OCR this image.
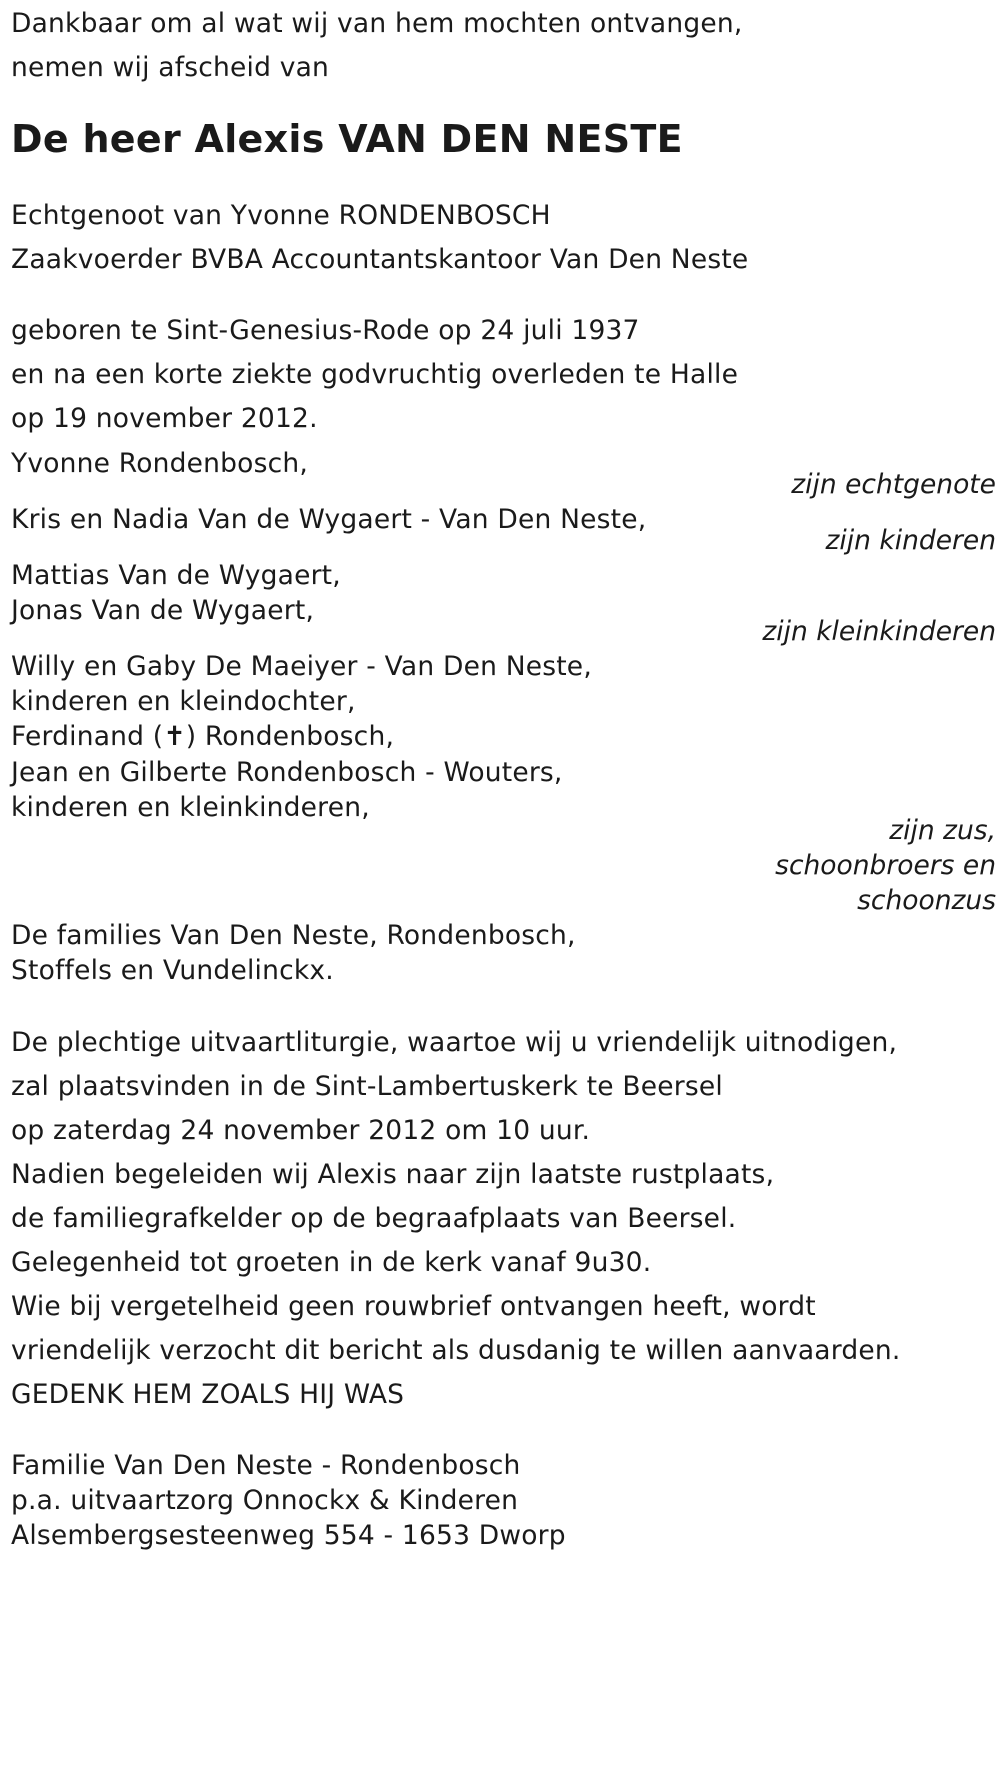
Dankbaar om al wat wij van hem mochten ontvangen,
nemen wij afscheid van
De heer Alexis VAN DEN NESTE
Echtgenoot van Yvonne RONDENBOSCH
Zaakvoerder BVBA Accountantskantoor Van Den Neste
geboren te Sint-Genesius-Rode op 24 juli 1937
en na een korte ziekte godvruchtig overleden te Halle
op 19 november 2012.
Yvonne Rondenbosch,
zijn echtgenote
Kris en Nadia Van de Wygaert - Van Den Neste,
zijn kinderen
Mattias Van de Wygaert,
Jonas Van de Wygaert,
zijn kleinkinderen
Willy en Gaby De Maeiyer - Van Den Neste,
kinderen en kleindochter,
Ferdinand (✝) Rondenbosch,
Jean en Gilberte Rondenbosch - Wouters,
kinderen en kleinkinderen,
zijn zus,
schoonbroers en
schoonzus
De families Van Den Neste, Rondenbosch,
Stoffels en Vundelinckx.
De plechtige uitvaartliturgie, waartoe wij u vriendelijk uitnodigen,
zal plaatsvinden in de Sint-Lambertuskerk te Beersel
op zaterdag 24 november 2012 om 10 uur.
Nadien begeleiden wij Alexis naar zijn laatste rustplaats,
de familiegrafkelder op de begraafplaats van Beersel.
Gelegenheid tot groeten in de kerk vanaf 9u30.
Wie bij vergetelheid geen rouwbrief ontvangen heeft, wordt
vriendelijk verzocht dit bericht als dusdanig te willen aanvaarden.
GEDENK HEM ZOALS HIJ WAS
Familie Van Den Neste - Rondenbosch
p.a. uitvaartzorg Onnockx & Kinderen
Alsembergsesteenweg 554 - 1653 Dworp
